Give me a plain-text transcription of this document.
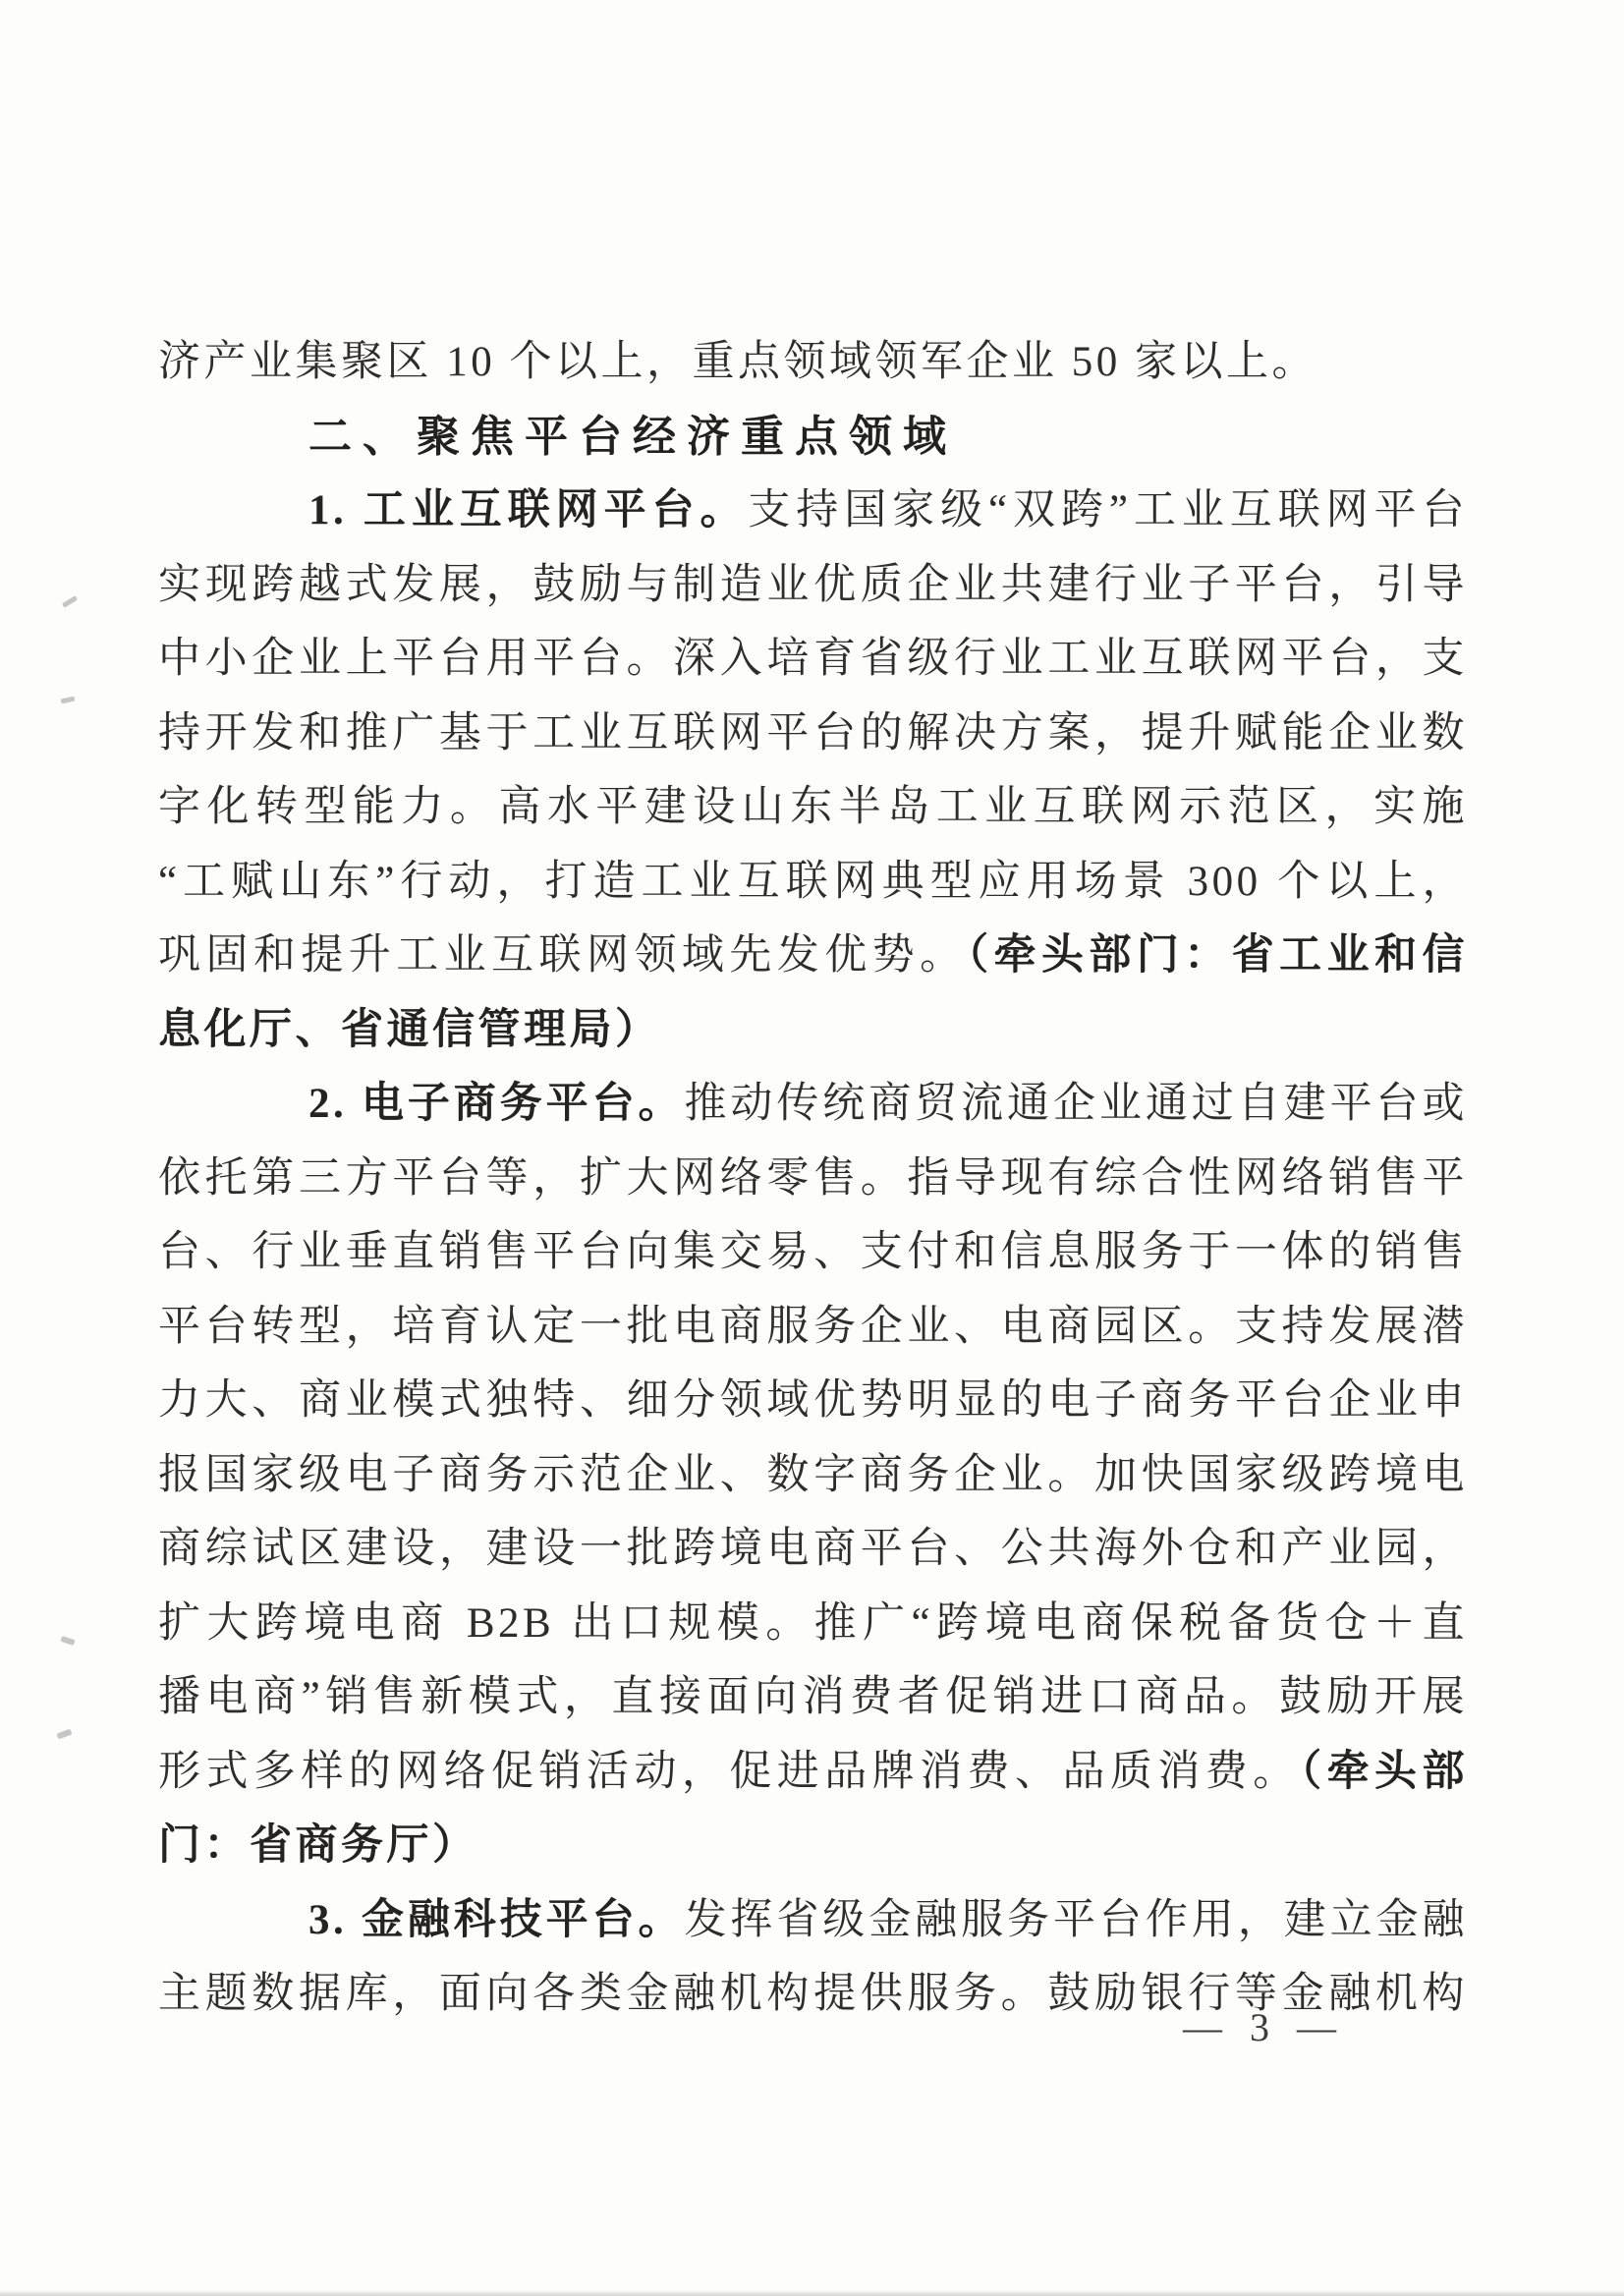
济产业集聚区 10 个以上，重点领域领军企业 50 家以上。
二、聚焦平台经济重点领域
1. 工业互联网平台。支持国家级“双跨”工业互联网平台
实现跨越式发展，鼓励与制造业优质企业共建行业子平台，引导
中小企业上平台用平台。深入培育省级行业工业互联网平台，支
持开发和推广基于工业互联网平台的解决方案，提升赋能企业数
字化转型能力。高水平建设山东半岛工业互联网示范区，实施
“工赋山东”行动，打造工业互联网典型应用场景 300 个以上，
巩固和提升工业互联网领域先发优势。（牵头部门：省工业和信
息化厅、省通信管理局）
2. 电子商务平台。推动传统商贸流通企业通过自建平台或
依托第三方平台等，扩大网络零售。指导现有综合性网络销售平
台、行业垂直销售平台向集交易、支付和信息服务于一体的销售
平台转型，培育认定一批电商服务企业、电商园区。支持发展潜
力大、商业模式独特、细分领域优势明显的电子商务平台企业申
报国家级电子商务示范企业、数字商务企业。加快国家级跨境电
商综试区建设，建设一批跨境电商平台、公共海外仓和产业园，
扩大跨境电商 B2B 出口规模。推广“跨境电商保税备货仓＋直
播电商”销售新模式，直接面向消费者促销进口商品。鼓励开展
形式多样的网络促销活动，促进品牌消费、品质消费。（牵头部
门：省商务厅）
3. 金融科技平台。发挥省级金融服务平台作用，建立金融
主题数据库，面向各类金融机构提供服务。鼓励银行等金融机构
— 3 —
